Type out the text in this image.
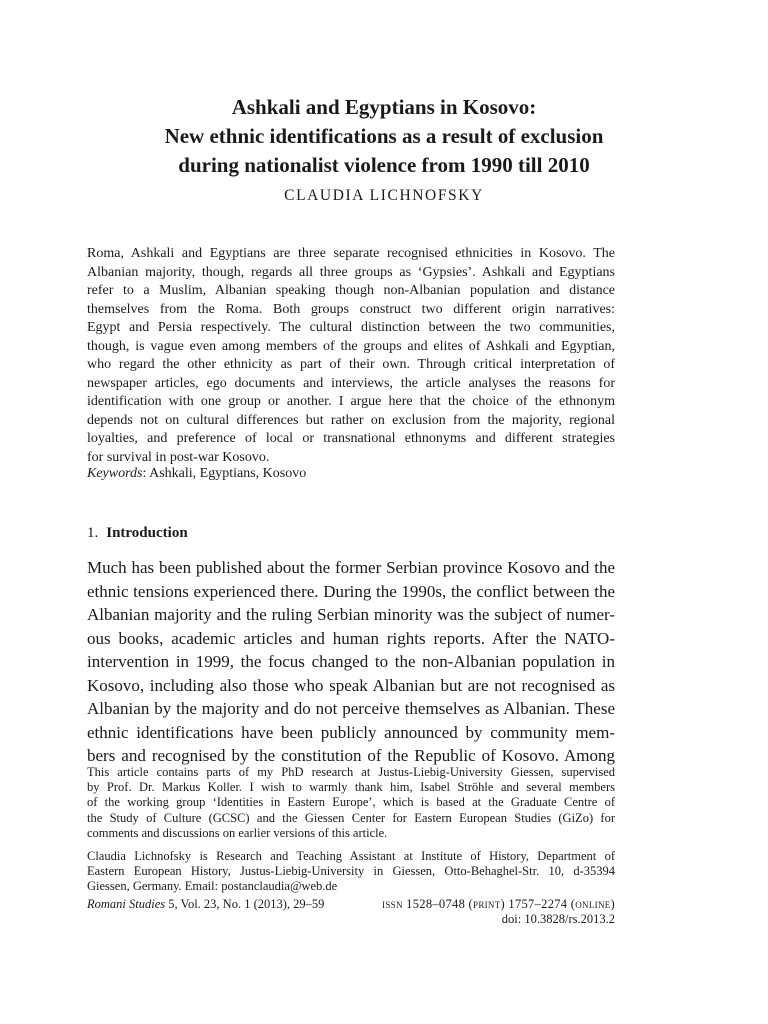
Ashkali and Egyptians in Kosovo:
New ethnic identifications as a result of exclusion
during nationalist violence from 1990 till 2010
CLAUDIA LICHNOFSKY
Roma, Ashkali and Egyptians are three separate recognised ethnicities in Kosovo. The
Albanian majority, though, regards all three groups as ‘Gypsies’. Ashkali and Egyptians
refer to a Muslim, Albanian speaking though non-Albanian population and distance
themselves from the Roma. Both groups construct two different origin narratives:
Egypt and Persia respectively. The cultural distinction between the two communities,
though, is vague even among members of the groups and elites of Ashkali and Egyptian,
who regard the other ethnicity as part of their own. Through critical interpretation of
newspaper articles, ego documents and interviews, the article analyses the reasons for
identification with one group or another. I argue here that the choice of the ethnonym
depends not on cultural differences but rather on exclusion from the majority, regional
loyalties, and preference of local or transnational ethnonyms and different strategies
for survival in post-war Kosovo.
Keywords: Ashkali, Egyptians, Kosovo
1. Introduction
Much has been published about the former Serbian province Kosovo and the
ethnic tensions experienced there. During the 1990s, the conflict between the
Albanian majority and the ruling Serbian minority was the subject of numer-
ous books, academic articles and human rights reports. After the NATO-
intervention in 1999, the focus changed to the non-Albanian population in
Kosovo, including also those who speak Albanian but are not recognised as
Albanian by the majority and do not perceive themselves as Albanian. These
ethnic identifications have been publicly announced by community mem-
bers and recognised by the constitution of the Republic of Kosovo. Among
This article contains parts of my PhD research at Justus-Liebig-University Giessen, supervised
by Prof. Dr. Markus Koller. I wish to warmly thank him, Isabel Ströhle and several members
of the working group ‘Identities in Eastern Europe’, which is based at the Graduate Centre of
the Study of Culture (GCSC) and the Giessen Center for Eastern European Studies (GiZo) for
comments and discussions on earlier versions of this article.
Claudia Lichnofsky is Research and Teaching Assistant at Institute of History, Department of
Eastern European History, Justus-Liebig-University in Giessen, Otto-Behaghel-Str. 10, d-35394
Giessen, Germany. Email: postanclaudia@web.de
Romani Studies 5, Vol. 23, No. 1 (2013), 29–59	issn 1528–0748 (print) 1757–2274 (online)
doi: 10.3828/rs.2013.2
